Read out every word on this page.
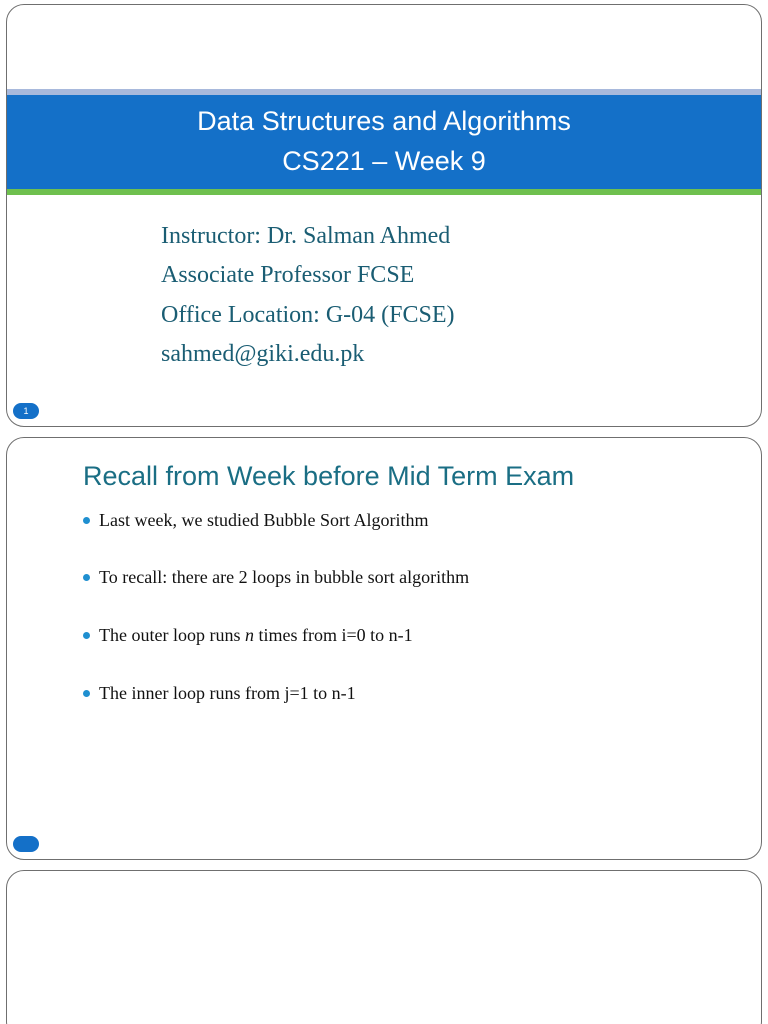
Data Structures and Algorithms
CS221 – Week 9
Instructor: Dr. Salman Ahmed
Associate Professor FCSE
Office Location: G-04 (FCSE)
sahmed@giki.edu.pk
1
Recall from Week before Mid Term Exam
Last week, we studied Bubble Sort Algorithm
To recall: there are 2 loops in bubble sort algorithm
The outer loop runs n times from i=0 to n-1
The inner loop runs from j=1 to n-1
